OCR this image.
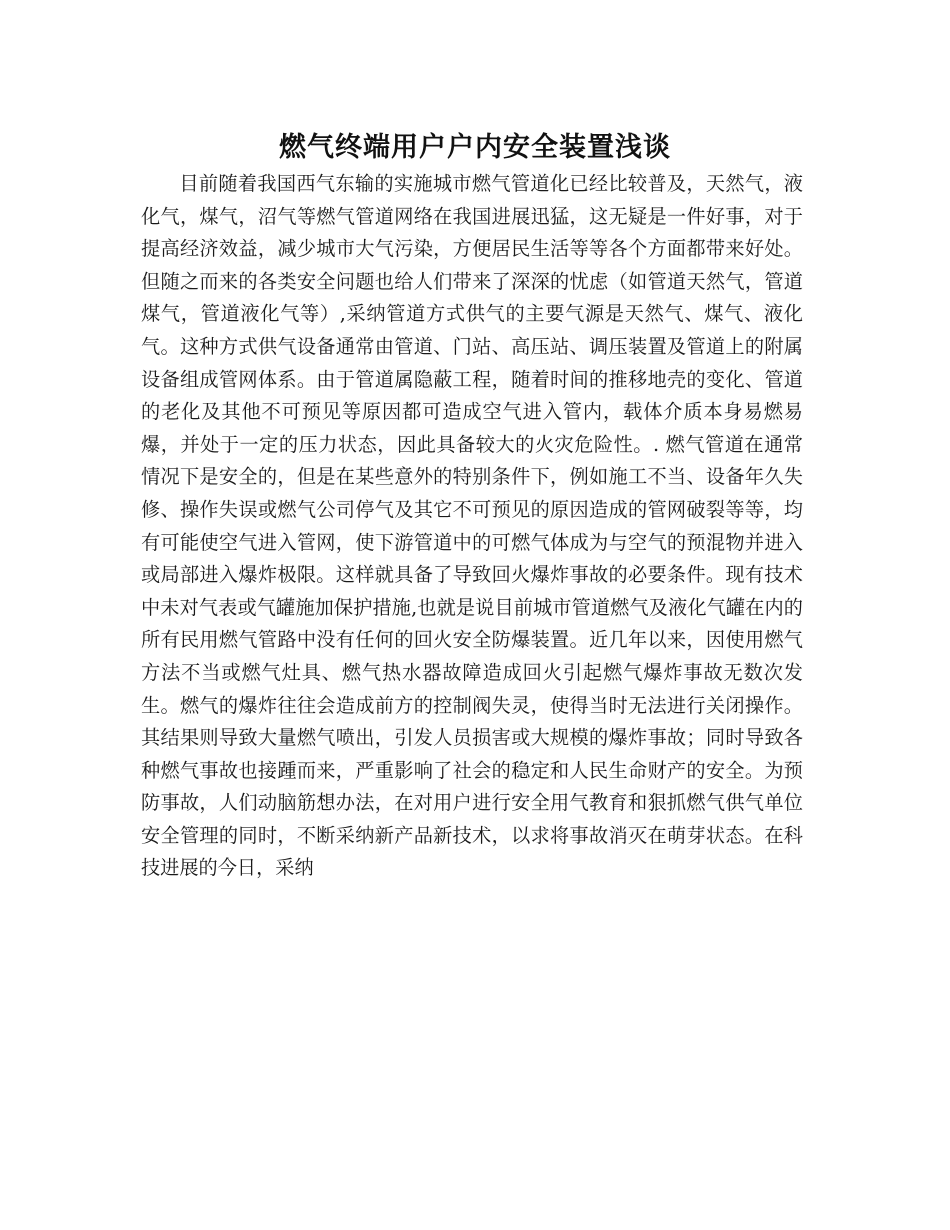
燃气终端用户户内安全装置浅谈

目前随着我国西气东输的实施城市燃气管道化已经比较普及，天然气，液化气，煤气，沼气等燃气管道网络在我国进展迅猛，这无疑是一件好事，对于提高经济效益，减少城市大气污染，方便居民生活等等各个方面都带来好处。但随之而来的各类安全问题也给人们带来了深深的忧虑（如管道天然气，管道煤气，管道液化气等）,采纳管道方式供气的主要气源是天然气、煤气、液化气。这种方式供气设备通常由管道、门站、高压站、调压装置及管道上的附属设备组成管网体系。由于管道属隐蔽工程，随着时间的推移地壳的变化、管道的老化及其他不可预见等原因都可造成空气进入管内，载体介质本身易燃易爆，并处于一定的压力状态，因此具备较大的火灾危险性。. 燃气管道在通常情况下是安全的，但是在某些意外的特别条件下，例如施工不当、设备年久失修、操作失误或燃气公司停气及其它不可预见的原因造成的管网破裂等等，均有可能使空气进入管网，使下游管道中的可燃气体成为与空气的预混物并进入或局部进入爆炸极限。这样就具备了导致回火爆炸事故的必要条件。现有技术中未对气表或气罐施加保护措施,也就是说目前城市管道燃气及液化气罐在内的所有民用燃气管路中没有任何的回火安全防爆装置。近几年以来，因使用燃气方法不当或燃气灶具、燃气热水器故障造成回火引起燃气爆炸事故无数次发生。燃气的爆炸往往会造成前方的控制阀失灵，使得当时无法进行关闭操作。其结果则导致大量燃气喷出，引发人员损害或大规模的爆炸事故；同时导致各种燃气事故也接踵而来，严重影响了社会的稳定和人民生命财产的安全。为预防事故，人们动脑筋想办法，在对用户进行安全用气教育和狠抓燃气供气单位安全管理的同时，不断采纳新产品新技术，以求将事故消灭在萌芽状态。在科技进展的今日，采纳
